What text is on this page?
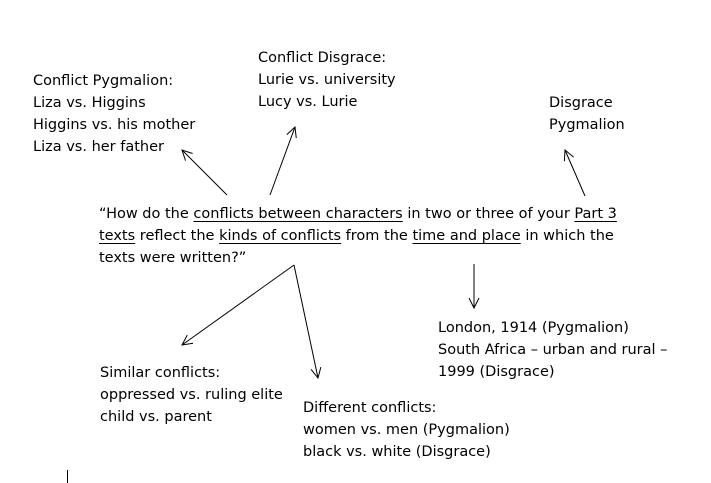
Conflict Pygmalion:
Liza vs. Higgins
Higgins vs. his mother
Liza vs. her father
Conflict Disgrace:
Lurie vs. university
Lucy vs. Lurie	Disgrace
Pygmalion
“How do the conflicts between characters in two or three of your Part 3
texts reflect the kinds of conflicts from the time and place in which the
texts were written?”
London, 1914 (Pygmalion)
South Africa – urban and rural –
1999 (Disgrace)
Similar conflicts:
oppressed vs. ruling elite
child vs. parent
Different conflicts:
women vs. men (Pygmalion)
black vs. white (Disgrace)
